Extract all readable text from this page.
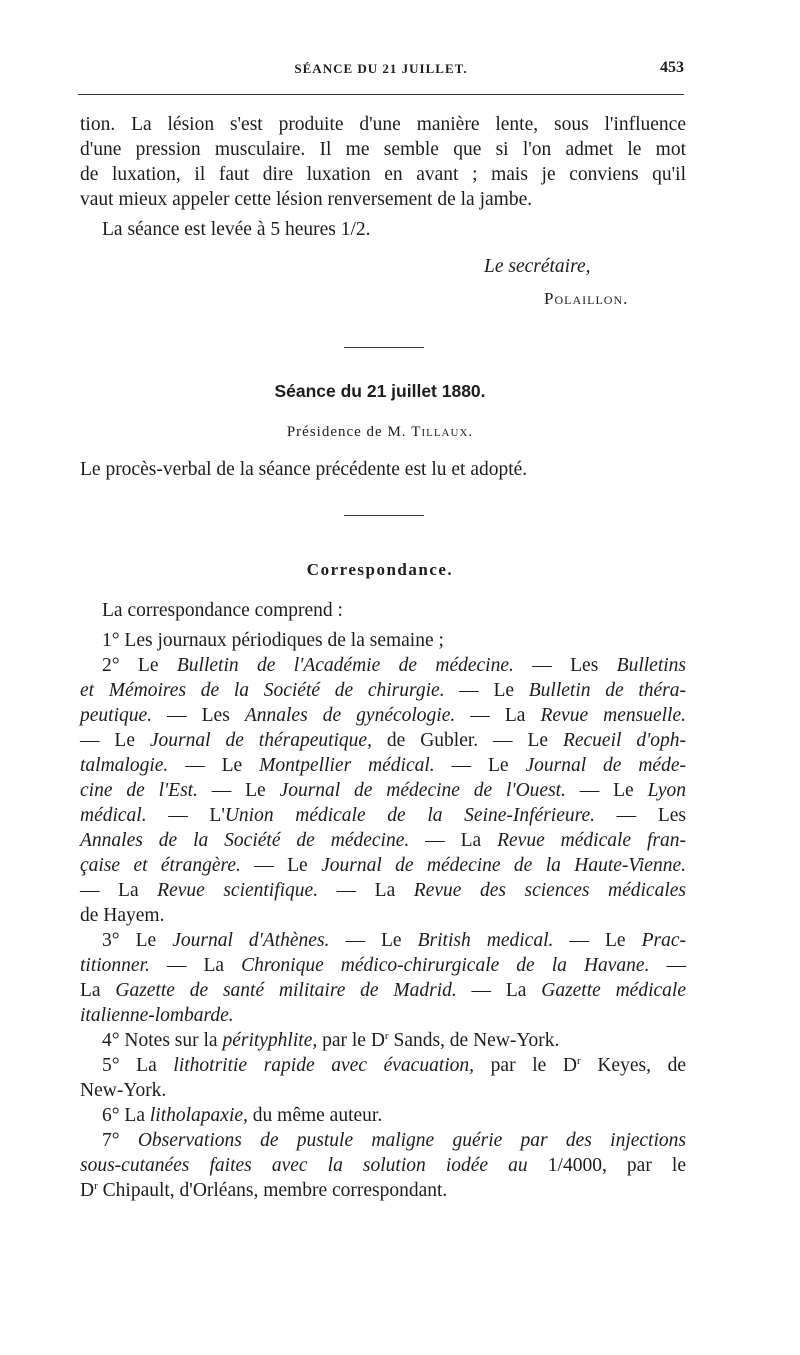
SÉANCE DU 21 JUILLET.	453
tion. La lésion s'est produite d'une manière lente, sous l'influence
d'une pression musculaire. Il me semble que si l'on admet le mot
de luxation, il faut dire luxation en avant ; mais je conviens qu'il
vaut mieux appeler cette lésion renversement de la jambe.
La séance est levée à 5 heures 1/2.
Le secrétaire,
Polaillon.
Séance du 21 juillet 1880.
Présidence de M. Tillaux.
Le procès-verbal de la séance précédente est lu et adopté.
Correspondance.
La correspondance comprend :
1° Les journaux périodiques de la semaine ;
2° Le Bulletin de l'Académie de médecine. — Les Bulletins
et Mémoires de la Société de chirurgie. — Le Bulletin de théra-
peutique. — Les Annales de gynécologie. — La Revue mensuelle.
— Le Journal de thérapeutique, de Gubler. — Le Recueil d'oph-
talmalogie. — Le Montpellier médical. — Le Journal de méde-
cine de l'Est. — Le Journal de médecine de l'Ouest. — Le Lyon
médical. — L'Union médicale de la Seine-Inférieure. — Les
Annales de la Société de médecine. — La Revue médicale fran-
çaise et étrangère. — Le Journal de médecine de la Haute-Vienne.
— La Revue scientifique. — La Revue des sciences médicales
de Hayem.
3° Le Journal d'Athènes. — Le British medical. — Le Prac-
titionner. — La Chronique médico-chirurgicale de la Havane. —
La Gazette de santé militaire de Madrid. — La Gazette médicale
italienne-lombarde.
4° Notes sur la pérityphlite, par le $D^r$ Sands, de New-York.
5° La lithotritie rapide avec évacuation, par le $D^r$ Keyes, de
New-York.
6° La litholapaxie, du même auteur.
7° Observations de pustule maligne guérie par des injections
sous-cutanées faites avec la solution iodée au 1/4000, par le
$D^r$ Chipault, d'Orléans, membre correspondant.
